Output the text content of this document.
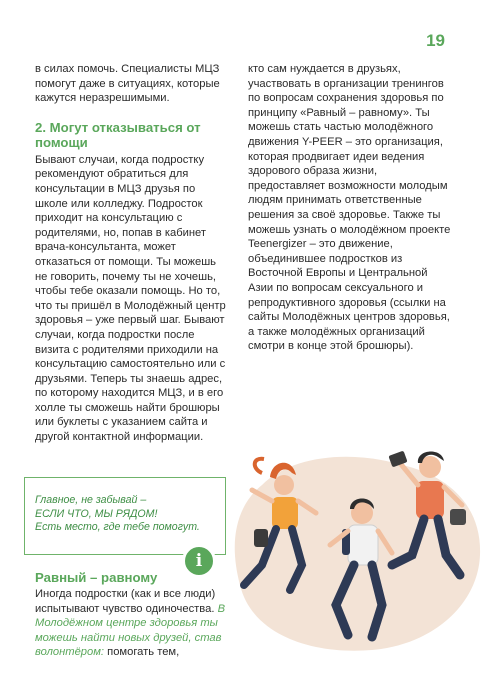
19

в силах помочь. Специалисты МЦЗ помогут даже в ситуациях, которые кажутся неразрешимыми.

2. Могут отказываться от помощи

Бывают случаи, когда подростку рекомендуют обратиться для консультации в МЦЗ друзья по школе или колледжу. Подросток приходит на консультацию с родителями, но, попав в кабинет врача-консультанта, может отказаться от помощи. Ты можешь не говорить, почему ты не хочешь, чтобы тебе оказали помощь. Но то, что ты пришёл в Молодёжный центр здоровья – уже первый шаг. Бывают случаи, когда подростки после визита с родителями приходили на консультацию самостоятельно или с друзьями. Теперь ты знаешь адрес, по которому находится МЦЗ, и в его холле ты сможешь найти брошюры или буклеты с указанием сайта и другой контактной информации.

кто сам нуждается в друзьях, участвовать в организации тренингов по вопросам сохранения здоровья по принципу «Равный – равному». Ты можешь стать частью молодёжного движения Y-PEER – это организация, которая продвигает идеи ведения здорового образа жизни, предоставляет возможности молодым людям принимать ответственные решения за своё здоровье. Также ты можешь узнать о молодёжном проекте Teenergizer – это движение, объединившее подростков из Восточной Европы и Центральной Азии по вопросам сексуального и репродуктивного здоровья (ссылки на сайты Молодёжных центров здоровья, а также молодёжных организаций смотри в конце этой брошюры).

Главное, не забывай –
ЕСЛИ ЧТО, МЫ РЯДОМ!
Есть место, где тебе помогут.
i
Равный – равному
Иногда подростки (как и все люди) испытывают чувство одиночества. В Молодёжном центре здоровья ты можешь найти новых друзей, став волонтёром: помогать тем,
